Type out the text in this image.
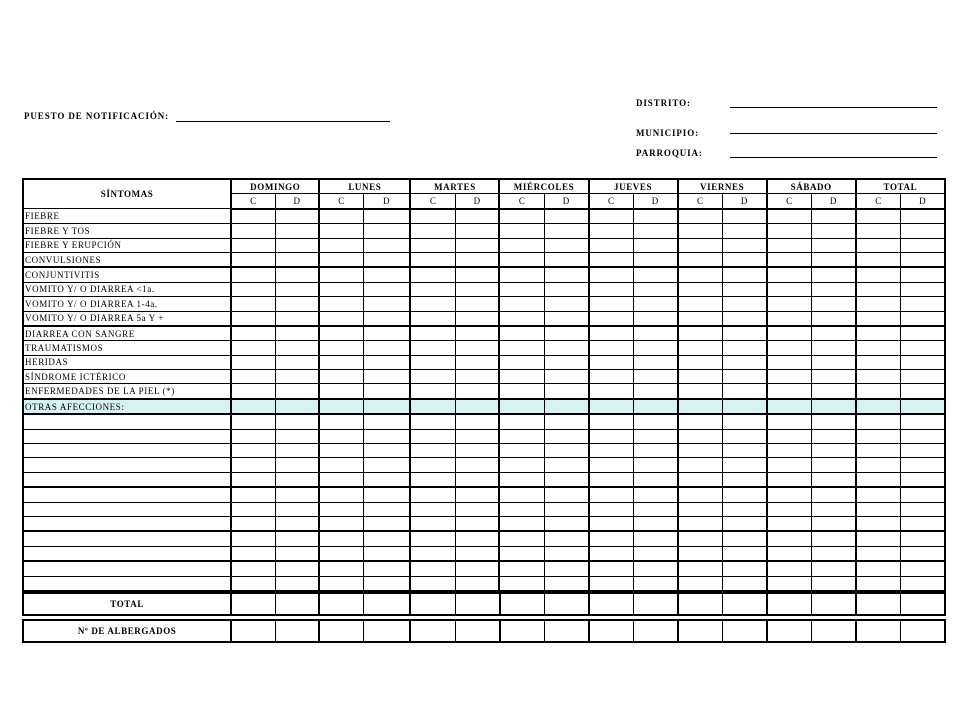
DISTRITO:
PUESTO DE NOTIFICACIÓN:
MUNICIPIO:
PARROQUIA:
SÍNTOMAS	DOMINGO		LUNES		MARTES		MIÉRCOLES		JUEVES		VIERNES		SÁBADO		TOTAL	
	C	D	C	D	C	D	C	D	C	D	C	D	C	D	C	D
FIEBRE																
FIEBRE Y TOS																
FIEBRE Y ERUPCIÓN																
CONVULSIONES																
CONJUNTIVITIS																
VOMITO Y/ O DIARREA <1a.																
VOMITO Y/ O DIARREA 1-4a.																
VOMITO Y/ O DIARREA 5a Y +																
DIARREA CON SANGRE																
TRAUMATISMOS																
HERIDAS																
SÍNDROME ICTÉRICO																
ENFERMEDADES DE LA PIEL (*)																
OTRAS AFECCIONES:																

TOTAL																
Nº DE ALBERGADOS																
